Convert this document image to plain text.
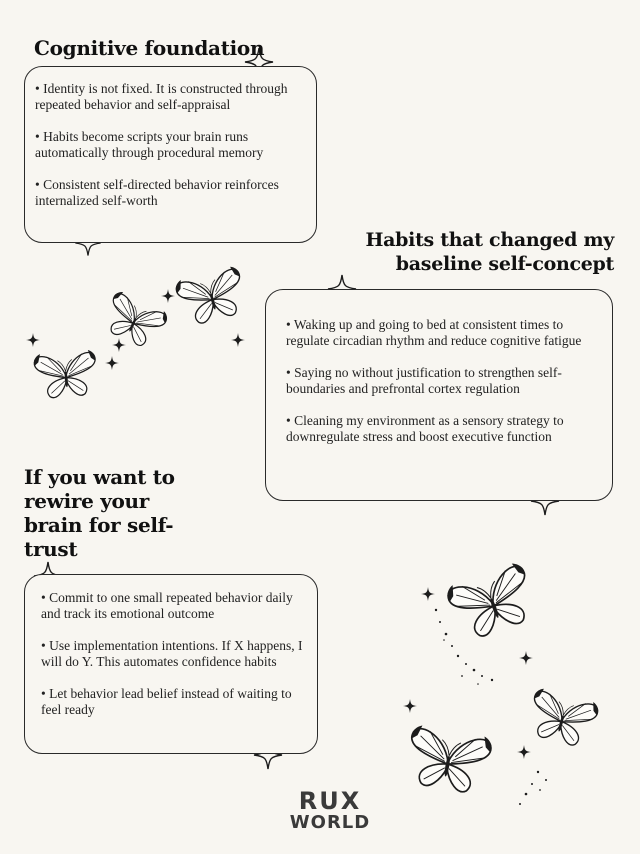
Cognitive foundation

• Identity is not fixed. It is constructed through repeated behavior and self-appraisal

• Habits become scripts your brain runs automatically through procedural memory

• Consistent self-directed behavior reinforces internalized self-worth

Habits that changed my
baseline self-concept

• Waking up and going to bed at consistent times to regulate circadian rhythm and reduce cognitive fatigue

• Saying no without justification to strengthen self-boundaries and prefrontal cortex regulation

• Cleaning my environment as a sensory strategy to downregulate stress and boost executive function

If you want to rewire your brain for self-trust

• Commit to one small repeated behavior daily and track its emotional outcome

• Use implementation intentions. If X happens, I will do Y. This automates confidence habits

• Let behavior lead belief instead of waiting to feel ready

RUX
WORLD
